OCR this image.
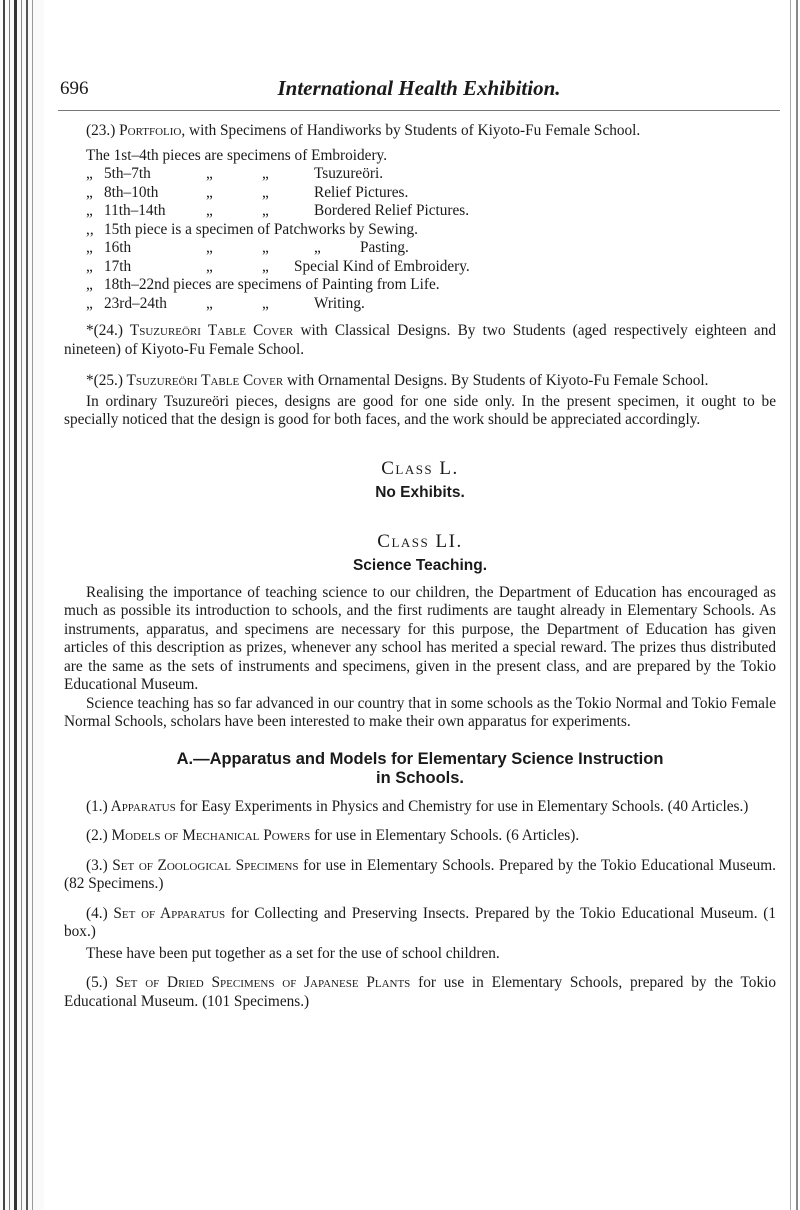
696	International Health Exhibition.

(23.) Portfolio, with Specimens of Handiworks by Students of Kiyoto-Fu Female School.

The 1st–4th pieces are specimens of Embroidery.

„ 5th–7th	„	„	Tsuzureöri.
„ 8th–10th	„	„	Relief Pictures.
„ 11th–14th	„	„	Bordered Relief Pictures.
,, 15th piece is a specimen of Patchworks by Sewing.
„ 16th	„	„	„	Pasting.
„ 17th	„	„ Special Kind of Embroidery.
„ 18th–22nd pieces are specimens of Painting from Life.
„ 23rd–24th	„	„	Writing.

*(24.) Tsuzureöri Table Cover with Classical Designs. By two Students (aged respectively eighteen and nineteen) of Kiyoto-Fu Female School.

*(25.) Tsuzureöri Table Cover with Ornamental Designs. By Students of Kiyoto-Fu Female School.

In ordinary Tsuzureöri pieces, designs are good for one side only. In the present specimen, it ought to be specially noticed that the design is good for both faces, and the work should be appreciated accordingly.

Class L.
No Exhibits.
Class LI.
Science Teaching.

Realising the importance of teaching science to our children, the Department of Education has encouraged as much as possible its introduction to schools, and the first rudiments are taught already in Elementary Schools. As instruments, apparatus, and specimens are necessary for this purpose, the Department of Education has given articles of this description as prizes, whenever any school has merited a special reward. The prizes thus distributed are the same as the sets of instruments and specimens, given in the present class, and are prepared by the Tokio Educational Museum.

Science teaching has so far advanced in our country that in some schools as the Tokio Normal and Tokio Female Normal Schools, scholars have been interested to make their own apparatus for experiments.

A.—Apparatus and Models for Elementary Science Instruction
in Schools.

(1.) Apparatus for Easy Experiments in Physics and Chemistry for use in Elementary Schools. (40 Articles.)

(2.) Models of Mechanical Powers for use in Elementary Schools. (6 Articles).

(3.) Set of Zoological Specimens for use in Elementary Schools. Prepared by the Tokio Educational Museum. (82 Specimens.)

(4.) Set of Apparatus for Collecting and Preserving Insects. Prepared by the Tokio Educational Museum. (1 box.)

These have been put together as a set for the use of school children.

(5.) Set of Dried Specimens of Japanese Plants for use in Elementary Schools, prepared by the Tokio Educational Museum. (101 Specimens.)
